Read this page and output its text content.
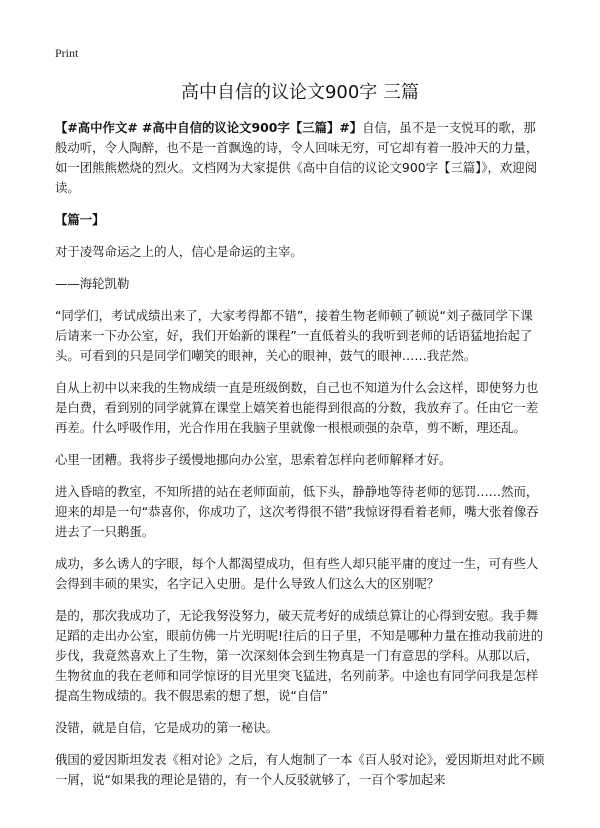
Print
高中自信的议论文900字 三篇

【#高中作文# #高中自信的议论文900字【三篇】#】自信，虽不是一支悦耳的歌，那般动听，令人陶醉，也不是一首飘逸的诗，令人回味无穷，可它却有着一股冲天的力量，如一团熊熊燃烧的烈火。文档网为大家提供《高中自信的议论文900字【三篇】》，欢迎阅读。

【篇一】

对于凌驾命运之上的人，信心是命运的主宰。

——海轮凯勒

“同学们，考试成绩出来了，大家考得都不错”，接着生物老师顿了顿说“刘子薇同学下课后请来一下办公室，好，我们开始新的课程”一直低着头的我听到老师的话语猛地抬起了头。可看到的只是同学们嘲笑的眼神，关心的眼神，鼓气的眼神……我茫然。

自从上初中以来我的生物成绩一直是班级倒数，自己也不知道为什么会这样，即使努力也是白费，看到别的同学就算在课堂上嬉笑着也能得到很高的分数，我放弃了。任由它一差再差。什么呼吸作用，光合作用在我脑子里就像一根根顽强的杂草，剪不断，理还乱。

心里一团糟。我将步子缓慢地挪向办公室，思索着怎样向老师解释才好。

进入昏暗的教室，不知所措的站在老师面前，低下头，静静地等待老师的惩罚……然而，迎来的却是一句“恭喜你，你成功了，这次考得很不错”我惊讶得看着老师，嘴大张着像吞进去了一只鹅蛋。

成功，多么诱人的字眼，每个人都渴望成功，但有些人却只能平庸的度过一生，可有些人会得到丰硕的果实，名字记入史册。是什么导致人们这么大的区别呢？

是的，那次我成功了，无论我努没努力，破天荒考好的成绩总算让的心得到安慰。我手舞足蹈的走出办公室，眼前仿佛一片光明呢!往后的日子里，不知是哪种力量在推动我前进的步伐，我竟然喜欢上了生物，第一次深刻体会到生物真是一门有意思的学科。从那以后，生物贫血的我在老师和同学惊讶的目光里突飞猛进，名列前茅。中途也有同学问我是怎样提高生物成绩的。我不假思索的想了想，说“自信”

没错，就是自信，它是成功的第一秘诀。

俄国的爱因斯坦发表《相对论》之后，有人炮制了一本《百人驳对论》，爱因斯坦对此不顾一屑，说“如果我的理论是错的，有一个人反驳就够了，一百个零加起来
